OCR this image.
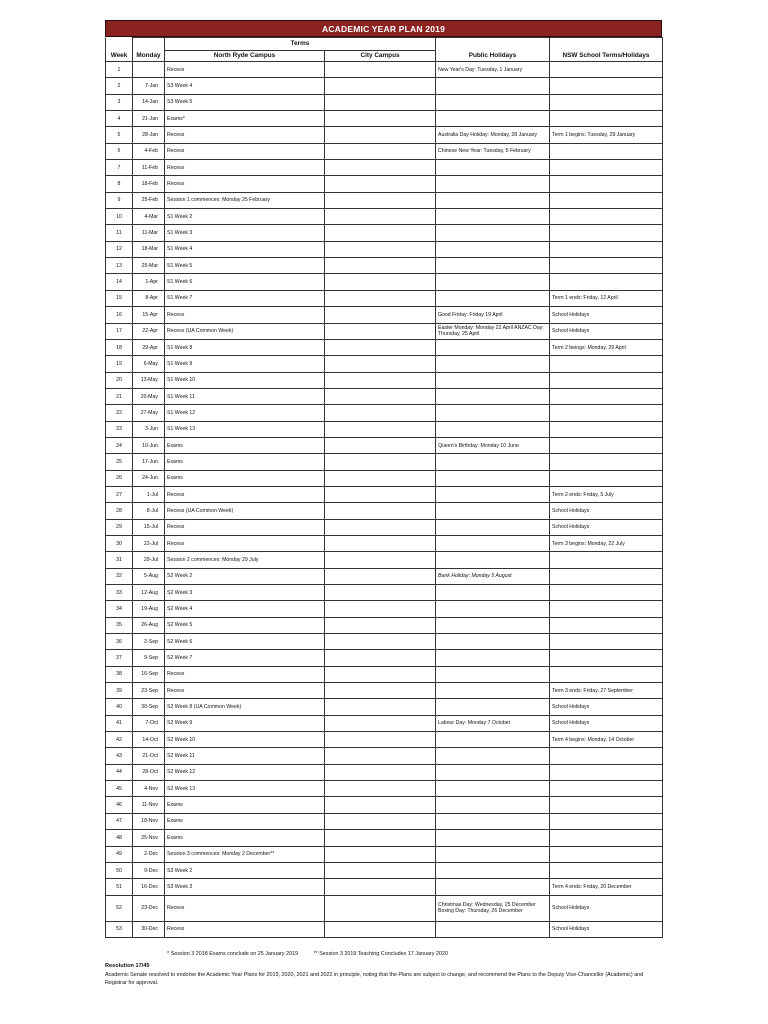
ACADEMIC YEAR PLAN 2019
		Terms			
Week	Monday	North Ryde Campus	City Campus	Public Holidays	NSW School Terms/Holidays
1		Recess		New Year's Day: Tuesday, 1 January	
2	7-Jan	S3 Week 4			
3	14-Jan	S3 Week 5			
4	21-Jan	Exams*			
5	28-Jan	Recess		Australia Day Holiday: Monday, 28 January	Term 1 begins: Tuesday, 29 January
6	4-Feb	Recess		Chinese New Year: Tuesday, 5 February	
7	11-Feb	Recess			
8	18-Feb	Recess			
9	25-Feb	Session 1 commences: Monday 25 February			
10	4-Mar	S1 Week 2			
11	11-Mar	S1 Week 3			
12	18-Mar	S1 Week 4			
13	25-Mar	S1 Week 5			
14	1-Apr	S1 Week 6			
15	8-Apr	S1 Week 7			Term 1 ends: Friday, 12 April
16	15-Apr	Recess		Good Friday: Friday 19 April	School Holidays
17	22-Apr	Recess (UA Common Week)		Easter Monday: Monday 22 April ANZAC Day: Thursday, 25 April	School Holidays
18	29-Apr	S1 Week 8			Term 2 beings: Monday, 29 April
19	6-May	S1 Week 9			
20	13-May	S1 Week 10			
21	20-May	S1 Week 11			
22	27-May	S1 Week 12			
23	3-Jun	S1 Week 13			
24	10-Jun	Exams		Queen's Birthday: Monday 10 June	
25	17-Jun	Exams			
26	24-Jun	Exams			
27	1-Jul	Recess			Term 2 ends: Friday, 5 July
28	8-Jul	Recess (UA Common Week)			School Holidays
29	15-Jul	Recess			School Holidays
30	22-Jul	Recess			Term 3 begins: Monday, 22 July
31	29-Jul	Session 2 commences: Monday 29 July			
32	5-Aug	S2 Week 2		Bank Holiday: Monday 5 August	
33	12-Aug	S2 Week 3			
34	19-Aug	S2 Week 4			
35	26-Aug	S2 Week 5			
36	2-Sep	S2 Week 6			
37	9-Sep	S2 Week 7			
38	16-Sep	Recess			
39	23-Sep	Recess			Term 3 ends: Friday, 27 September
40	30-Sep	S2 Week 8 (UA Common Week)			School Holidays
41	7-Oct	S2 Week 9		Labour Day: Monday 7 October	School Holidays
42	14-Oct	S2 Week 10			Term 4 begins: Monday, 14 October
43	21-Oct	S2 Week 11			
44	28-Oct	S2 Week 12			
45	4-Nov	S2 Week 13			
46	11-Nov	Exams			
47	18-Nov	Exams			
48	25-Nov	Exams			
49	2-Dec	Session 3 commences: Monday 2 December**			
50	9-Dec	S3 Week 2			
51	16-Dec	S3 Week 3			Term 4 ends: Friday, 20 December
52	23-Dec	Recess		Christmas Day: Wednesday, 25 December Boxing Day: Thursday, 26 December	School Holidays
53	30-Dec	Recess			School Holidays
* Session 3 2018 Exams conclude on 25 January 2019	** Session 3 2019 Teaching Concludes 17 January 2020
Resolution 17/45
Academic Senate resolved to endorse the Academic Year Plans for 2019, 2020, 2021 and 2022 in principle, noting that the Plans are subject to change, and recommend the Plans to the Deputy Vice-Chancellor (Academic) and Registrar for approval.
